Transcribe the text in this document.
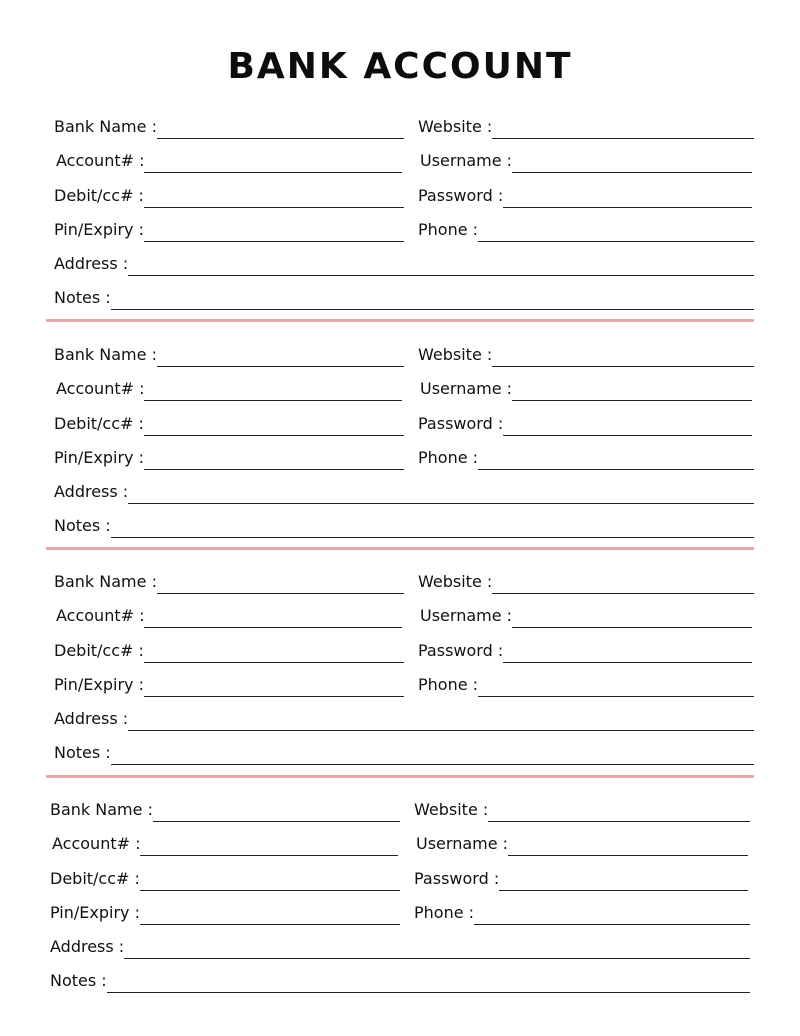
BANK ACCOUNT
Bank Name :	Website :
Account# :	Username :
Debit/cc# :	Password :
Pin/Expiry :	Phone :
Address :
Notes :
Bank Name :	Website :
Account# :	Username :
Debit/cc# :	Password :
Pin/Expiry :	Phone :
Address :
Notes :
Bank Name :	Website :
Account# :	Username :
Debit/cc# :	Password :
Pin/Expiry :	Phone :
Address :
Notes :
Bank Name :	Website :
Account# :	Username :
Debit/cc# :	Password :
Pin/Expiry :	Phone :
Address :
Notes :
